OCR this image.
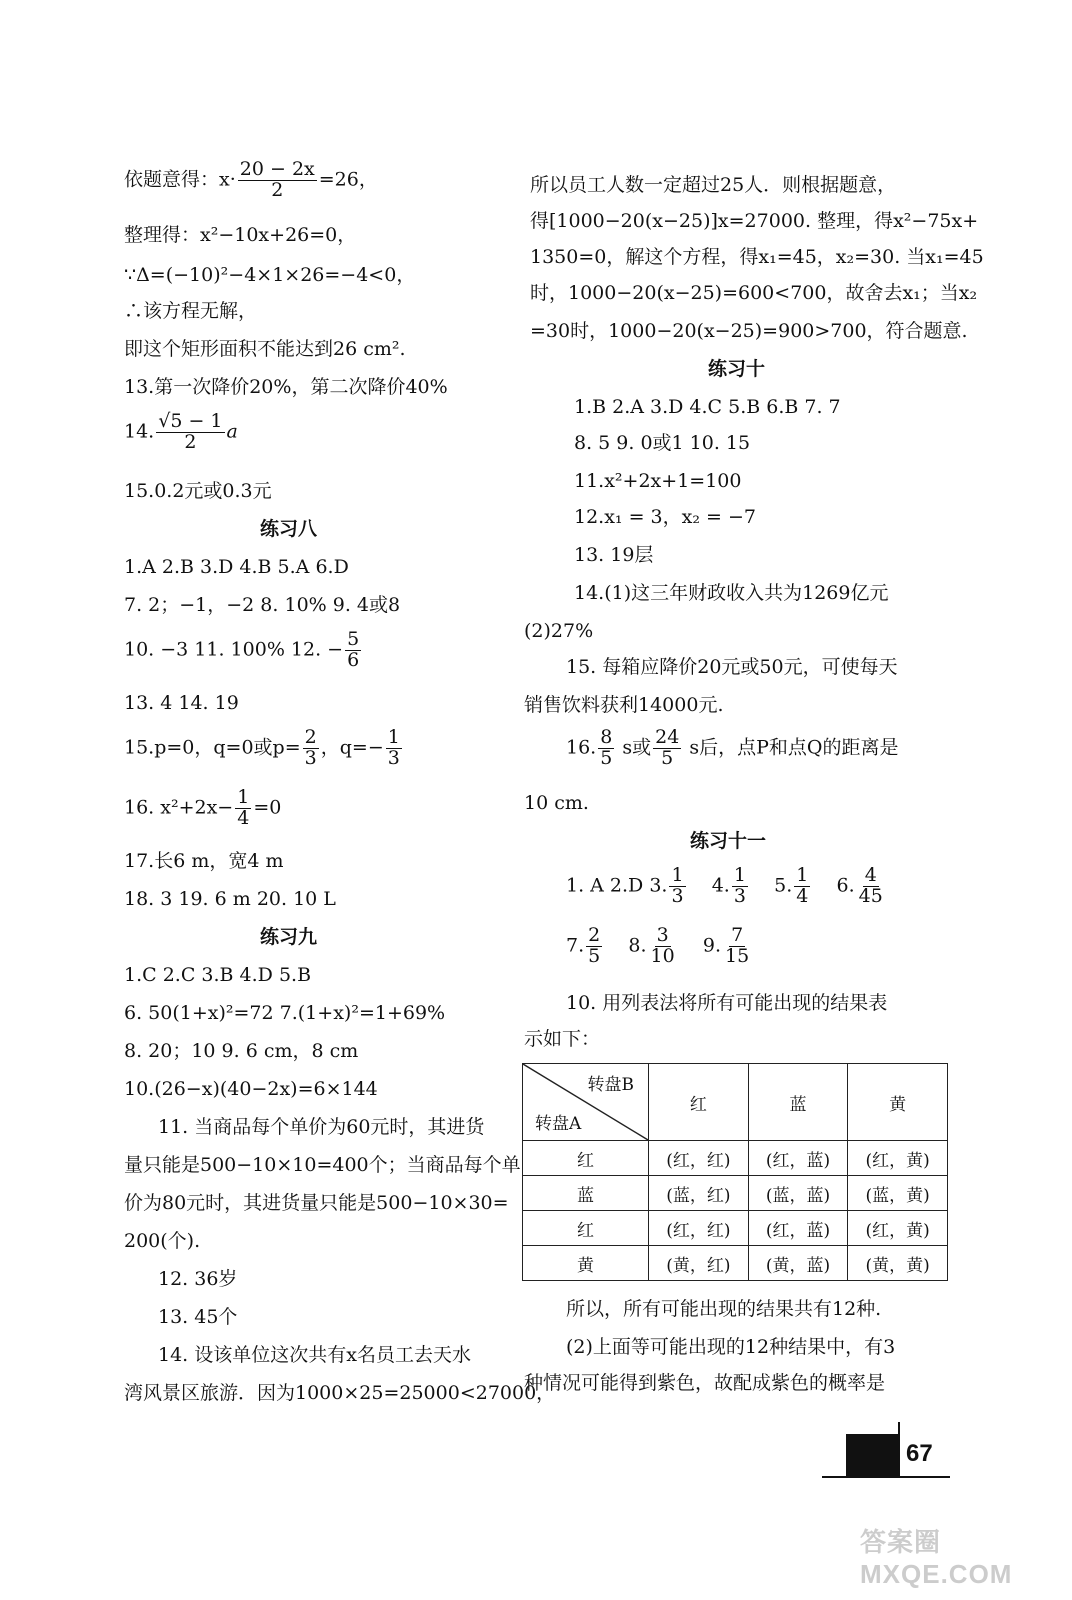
依题意得：$x\cdot \frac{20 - 2x}{2} =26$，
整理得：x²−10x+26=0，
∵Δ=(−10)²−4×1×26=−4<0，
∴该方程无解，
即这个矩形面积不能达到26 cm².
13.第一次降价20%，第二次降价40%
14. $\frac{√5 - 1}{2}$ a
15.0.2元或0.3元
练习八
1.A 2.B 3.D 4.B 5.A 6.D
7. 2；−1，−2 8. 10% 9. 4或8
10. −3 11. 100% 12. − $\frac{5}{6}$
13. 4 14. 19
15.p=0，q=0或$p= \frac{2}{3}$ ，$q=- \frac{1}{3}$
16. $x^2+2x- \frac{1}{4} =0$
17.长6 m，宽4 m
18. 3 19. 6 m 20. 10 L
练习九
1.C 2.C 3.B 4.D 5.B
6. 50(1+x)²=72 7.(1+x)²=1+69%
8. 20；10 9. 6 cm，8 cm
10.(26−x)(40−2x)=6×144
11. 当商品每个单价为60元时，其进货
量只能是500−10×10=400个；当商品每个单
价为80元时，其进货量只能是500−10×30=
200(个).
12. 36岁
13. 45个
14. 设该单位这次共有x名员工去天水
湾风景区旅游．因为1000×25=25000<27000，
所以员工人数一定超过25人．则根据题意，
得[1000−20(x−25)]x=27000. 整理，得x²−75x+
1350=0，解这个方程，得x₁=45，x₂=30. 当x₁=45
时，1000−20(x−25)=600<700，故舍去x₁；当x₂
=30时，1000−20(x−25)=900>700，符合题意.
练习十
1.B 2.A 3.D 4.C 5.B 6.B 7. 7
8. 5 9. 0或1 10. 15
11.x²+2x+1=100
12.x₁ = 3，x₂ = −7
13. 19层
14.(1)这三年财政收入共为1269亿元
(2)27%
15. 每箱应降价20元或50元，可使每天
销售饮料获利14000元.
16. $\frac{8}{5}$ s或 $\frac{24}{5}$ s后，点P和点Q的距离是
10 cm.
练习十一
1. A 2.D 3. $\frac{1}{3} 4$. $\frac{1}{3} 5$. $\frac{1}{4} 6$. $\frac{4}{45}$
7. $\frac{2}{5} 8$. $\frac{3}{10} 9$. $\frac{7}{15}$
10. 用列表法将所有可能出现的结果表
示如下：
所以，所有可能出现的结果共有12种.
(2)上面等可能出现的12种结果中，有3
种情况可能得到紫色，故配成紫色的概率是
转盘B
转盘A	红	蓝	黄
红	(红，红)	(红，蓝)	(红，黄)
蓝	(蓝，红)	(蓝，蓝)	(蓝，黄)
红	(红，红)	(红，蓝)	(红，黄)
黄	(黄，红)	(黄，蓝)	(黄，黄)
67
答案圈 MXQE.COM
